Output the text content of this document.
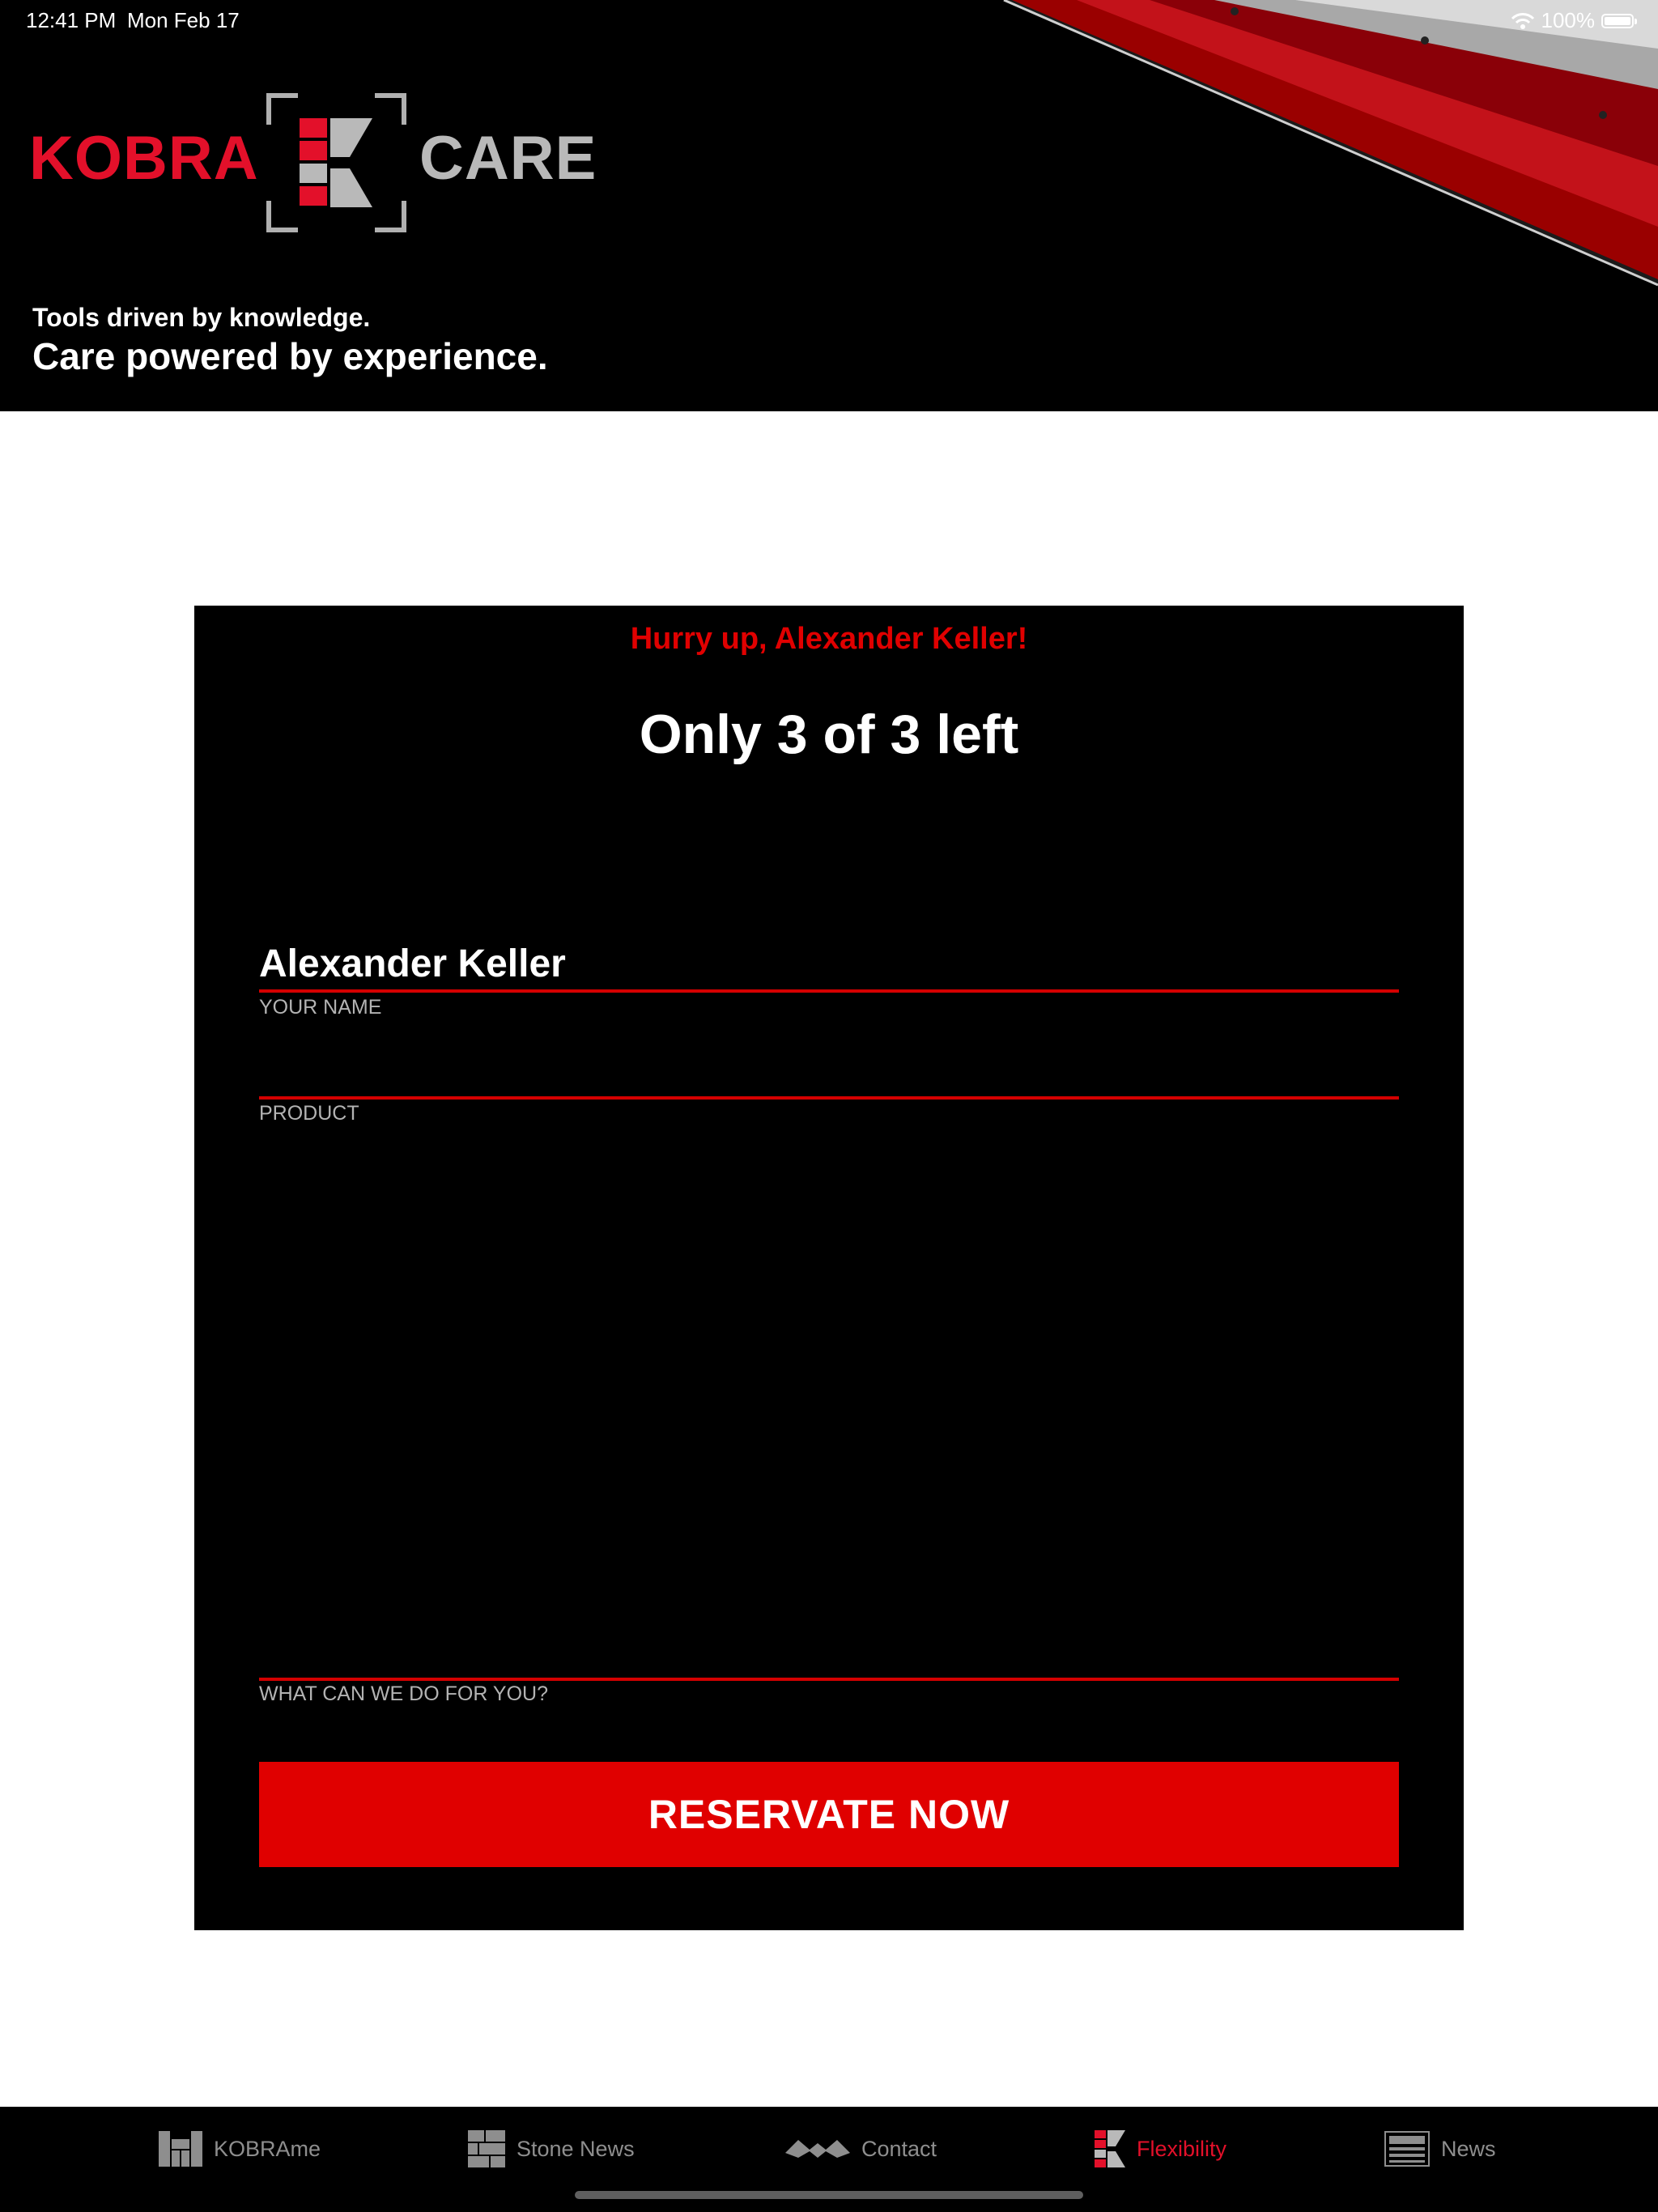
12:41 PM Mon Feb 17	100%
KOBRA	CARE
Tools driven by knowledge.
Care powered by experience.
Hurry up, Alexander Keller!
Only 3 of 3 left
Alexander Keller
YOUR NAME
PRODUCT
WHAT CAN WE DO FOR YOU?
RESERVATE NOW
KOBRAme	Stone News	Contact	Flexibility	News
